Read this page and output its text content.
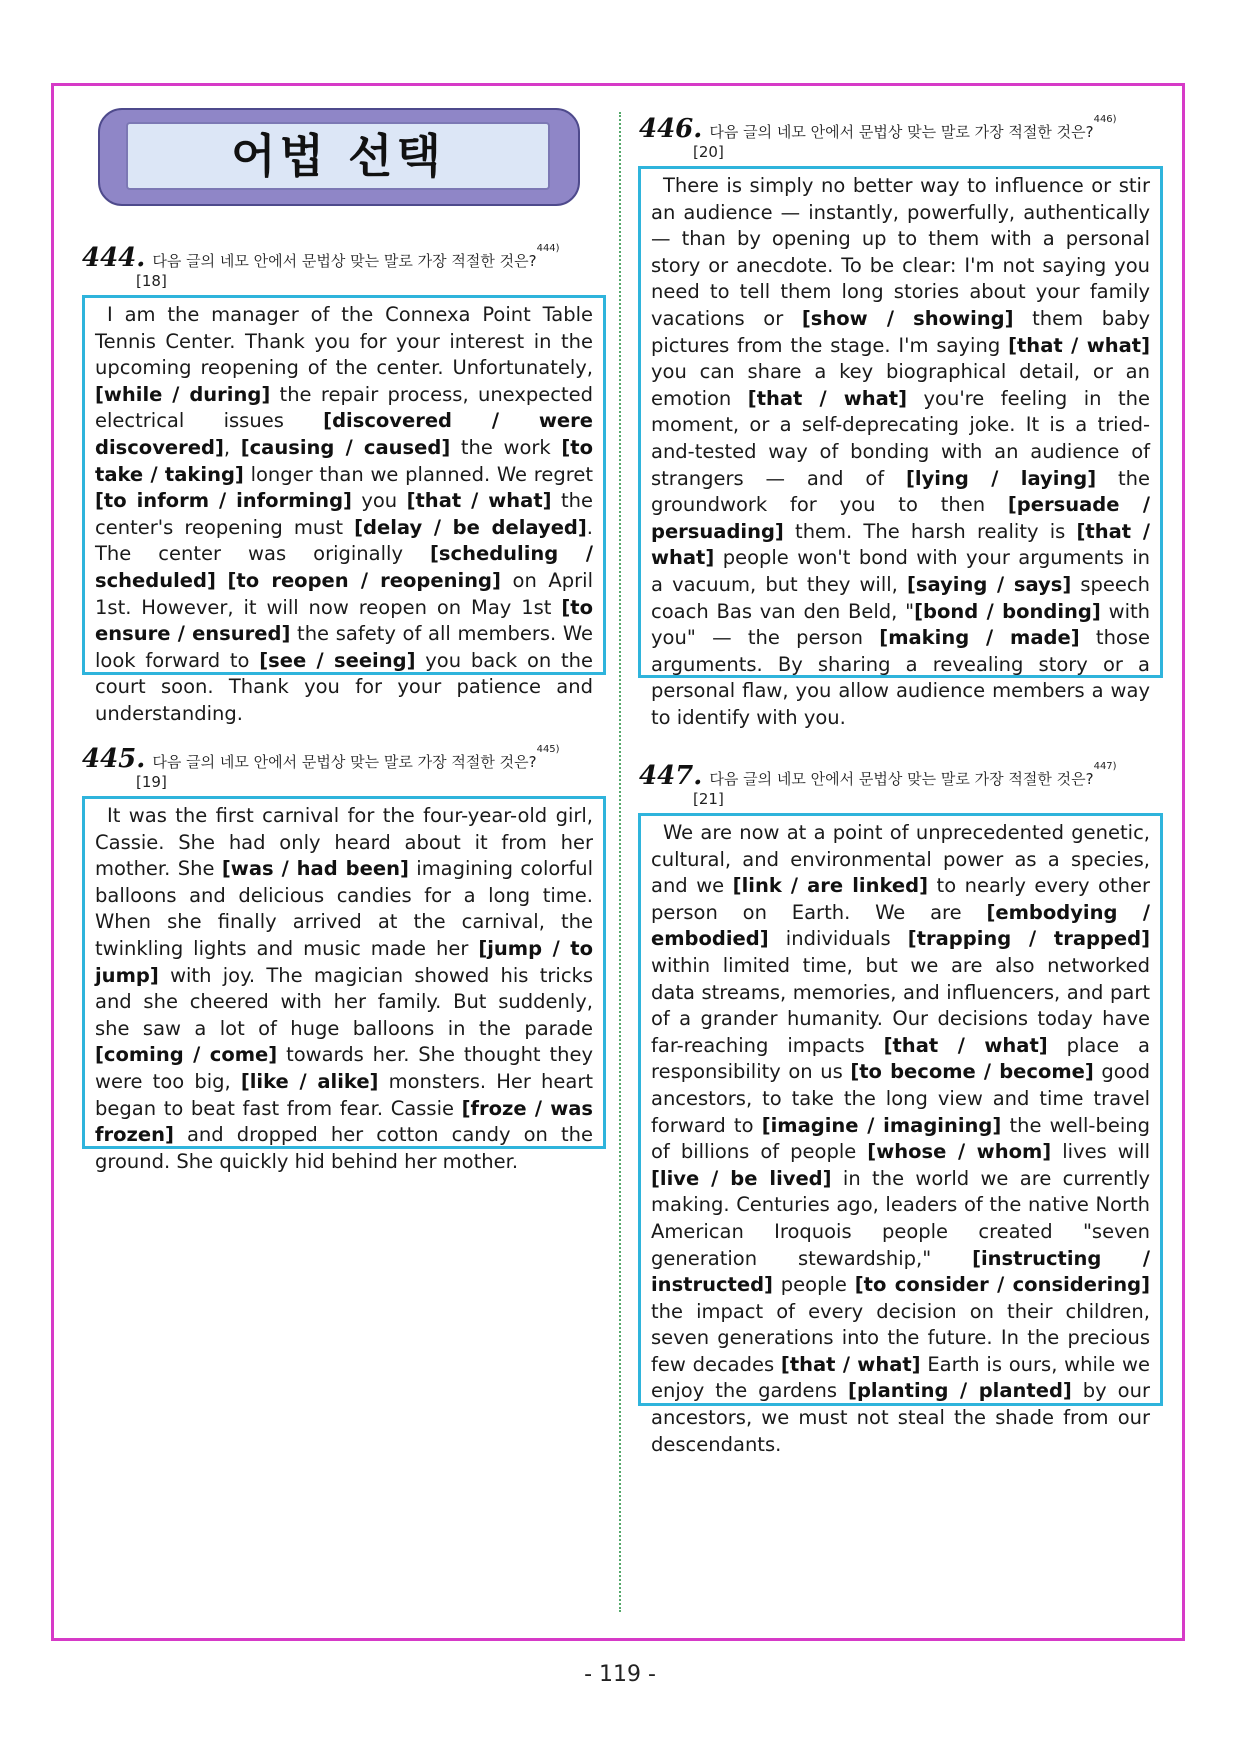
어법 선택
444. 다음 글의 네모 안에서 문법상 맞는 말로 가장 적절한 것은?$^{444)}$
[18]

I am the manager of the Connexa Point Table Tennis Center. Thank you for your interest in the upcoming reopening of the center. Unfortunately, [while / during] the repair process, unexpected electrical issues [discovered / were discovered], [causing / caused] the work [to take / taking] longer than we planned. We regret [to inform / informing] you [that / what] the center's reopening must [delay / be delayed]. The center was originally [scheduling / scheduled] [to reopen / reopening] on April 1st. However, it will now reopen on May 1st [to ensure / ensured] the safety of all members. We look forward to [see / seeing] you back on the court soon. Thank you for your patience and understanding.

445. 다음 글의 네모 안에서 문법상 맞는 말로 가장 적절한 것은?$^{445)}$
[19]

It was the first carnival for the four-year-old girl, Cassie. She had only heard about it from her mother. She [was / had been] imagining colorful balloons and delicious candies for a long time. When she finally arrived at the carnival, the twinkling lights and music made her [jump / to jump] with joy. The magician showed his tricks and she cheered with her family. But suddenly, she saw a lot of huge balloons in the parade [coming / come] towards her. She thought they were too big, [like / alike] monsters. Her heart began to beat fast from fear. Cassie [froze / was frozen] and dropped her cotton candy on the ground. She quickly hid behind her mother.

446. 다음 글의 네모 안에서 문법상 맞는 말로 가장 적절한 것은?$^{446)}$
[20]

There is simply no better way to influence or stir an audience — instantly, powerfully, authentically — than by opening up to them with a personal story or anecdote. To be clear: I'm not saying you need to tell them long stories about your family vacations or [show / showing] them baby pictures from the stage. I'm saying [that / what] you can share a key biographical detail, or an emotion [that / what] you're feeling in the moment, or a self-deprecating joke. It is a tried-and-tested way of bonding with an audience of strangers — and of [lying / laying] the groundwork for you to then [persuade / persuading] them. The harsh reality is [that / what] people won't bond with your arguments in a vacuum, but they will, [saying / says] speech coach Bas van den Beld, "[bond / bonding] with you" — the person [making / made] those arguments. By sharing a revealing story or a personal flaw, you allow audience members a way to identify with you.

447. 다음 글의 네모 안에서 문법상 맞는 말로 가장 적절한 것은?$^{447)}$
[21]

We are now at a point of unprecedented genetic, cultural, and environmental power as a species, and we [link / are linked] to nearly every other person on Earth. We are [embodying / embodied] individuals [trapping / trapped] within limited time, but we are also networked data streams, memories, and influencers, and part of a grander humanity. Our decisions today have far-reaching impacts [that / what] place a responsibility on us [to become / become] good ancestors, to take the long view and time travel forward to [imagine / imagining] the well-being of billions of people [whose / whom] lives will [live / be lived] in the world we are currently making. Centuries ago, leaders of the native North American Iroquois people created "seven generation stewardship," [instructing / instructed] people [to consider / considering] the impact of every decision on their children, seven generations into the future. In the precious few decades [that / what] Earth is ours, while we enjoy the gardens [planting / planted] by our ancestors, we must not steal the shade from our descendants.

- 119 -
